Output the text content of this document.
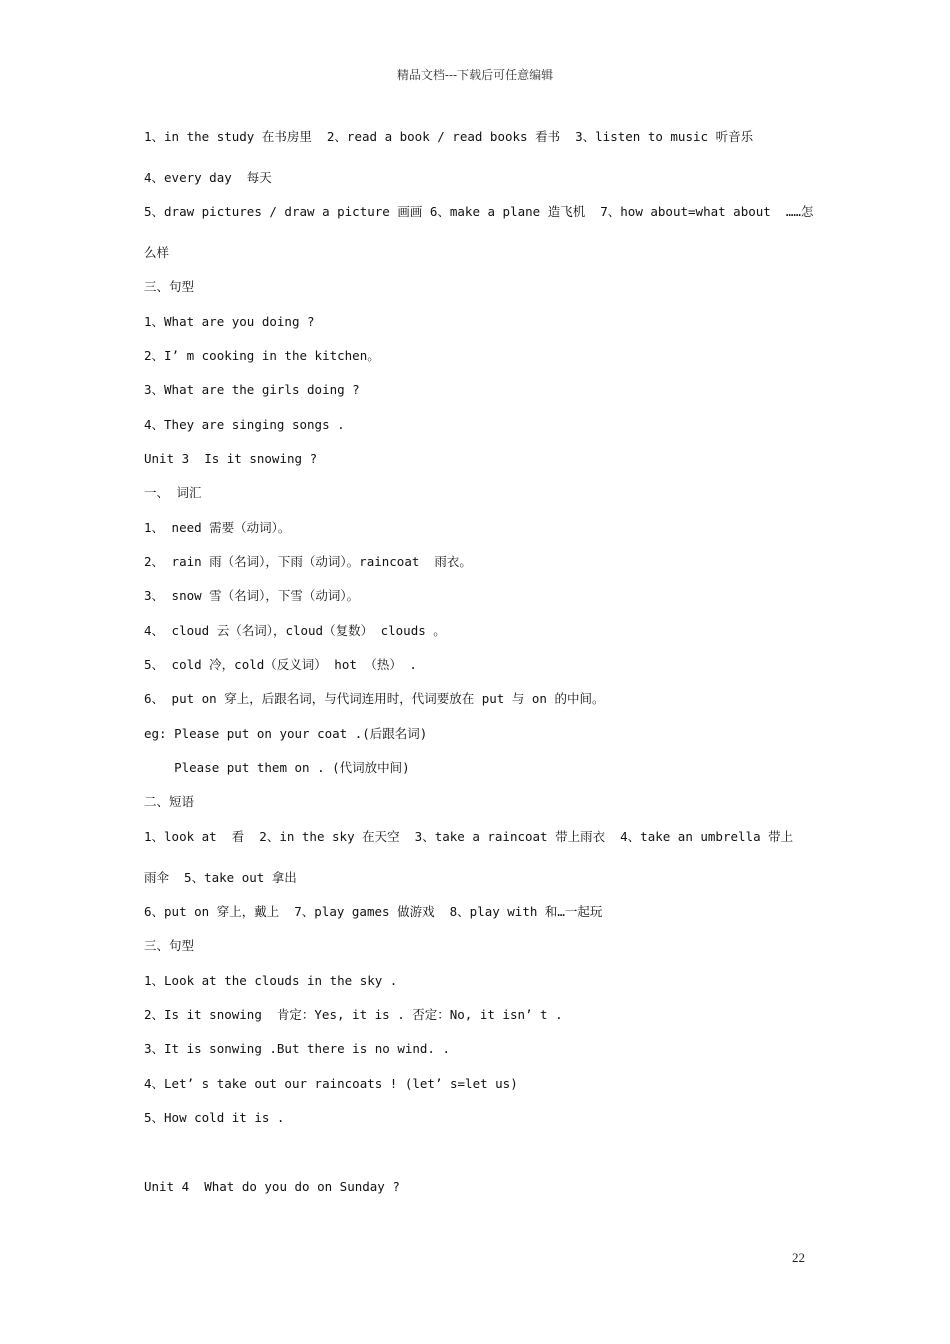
精品文档---下载后可任意编辑
1、in the study 在书房里  2、read a book / read books 看书  3、listen to music 听音乐
4、every day  每天
5、draw pictures / draw a picture 画画 6、make a plane 造飞机  7、how about=what about  ……怎
么样
三、句型
1、What are you doing ?
2、I’ m cooking in the kitchen。
3、What are the girls doing ?
4、They are singing songs .
Unit 3  Is it snowing ?
一、 词汇
1、 need 需要（动词）。
2、 rain 雨（名词），下雨（动词）。raincoat  雨衣。
3、 snow 雪（名词），下雪（动词）。
4、 cloud 云（名词），cloud（复数） clouds 。
5、 cold 冷，cold（反义词） hot （热） .
6、 put on 穿上，后跟名词，与代词连用时，代词要放在 put 与 on 的中间。
eg: Please put on your coat .(后跟名词)
Please put them on . (代词放中间)
二、短语
1、look at  看  2、in the sky 在天空  3、take a raincoat 带上雨衣  4、take an umbrella 带上
雨伞  5、take out 拿出
6、put on 穿上，戴上  7、play games 做游戏  8、play with 和…一起玩
三、句型
1、Look at the clouds in the sky .
2、Is it snowing  肯定：Yes, it is . 否定：No, it isn’ t .
3、It is sonwing .But there is no wind. .
4、Let’ s take out our raincoats ! (let’ s=let us)
5、How cold it is .
Unit 4  What do you do on Sunday ?
22
